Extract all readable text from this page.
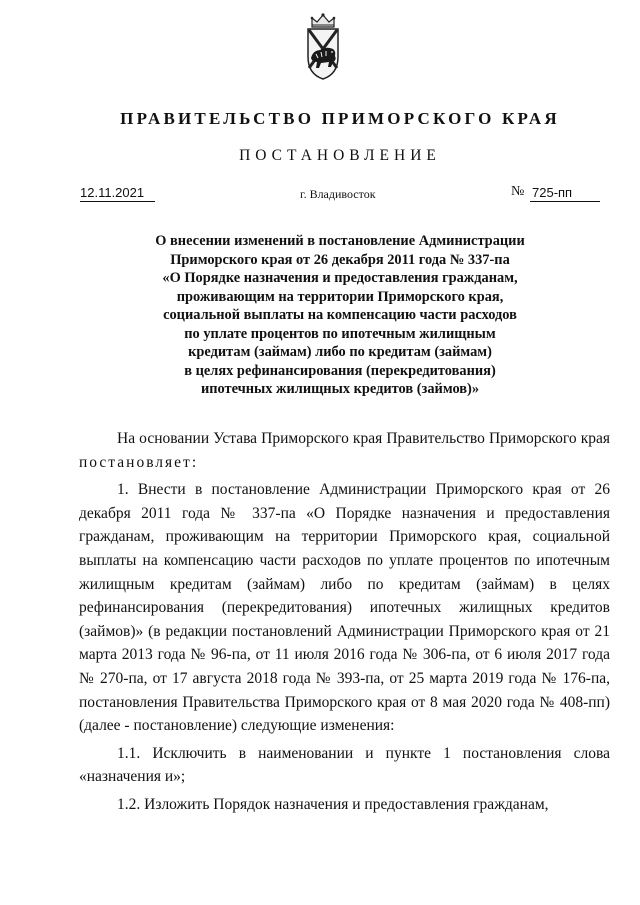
ПРАВИТЕЛЬСТВО ПРИМОРСКОГО КРАЯ
ПОСТАНОВЛЕНИЕ
12.11.2021	г. Владивосток	№ 725-пп
О внесении изменений в постановление Администрации
Приморского края от 26 декабря 2011 года № 337-па
«О Порядке назначения и предоставления гражданам,
проживающим на территории Приморского края,
социальной выплаты на компенсацию части расходов
по уплате процентов по ипотечным жилищным
кредитам (займам) либо по кредитам (займам)
в целях рефинансирования (перекредитования)
ипотечных жилищных кредитов (займов)»

На основании Устава Приморского края Правительство Приморского края постановляет:

1. Внести в постановление Администрации Приморского края от 26 декабря 2011 года № 337-па «О Порядке назначения и предоставления гражданам, проживающим на территории Приморского края, социальной выплаты на компенсацию части расходов по уплате процентов по ипотечным жилищным кредитам (займам) либо по кредитам (займам) в целях рефинансирования (перекредитования) ипотечных жилищных кредитов (займов)» (в редакции постановлений Администрации Приморского края от 21 марта 2013 года № 96-па, от 11 июля 2016 года № 306-па, от 6 июля 2017 года № 270-па, от 17 августа 2018 года № 393-па, от 25 марта 2019 года № 176-па, постановления Правительства Приморского края от 8 мая 2020 года № 408-пп) (далее - постановление) следующие изменения:

1.1. Исключить в наименовании и пункте 1 постановления слова «назначения и»;

1.2. Изложить Порядок назначения и предоставления гражданам,
